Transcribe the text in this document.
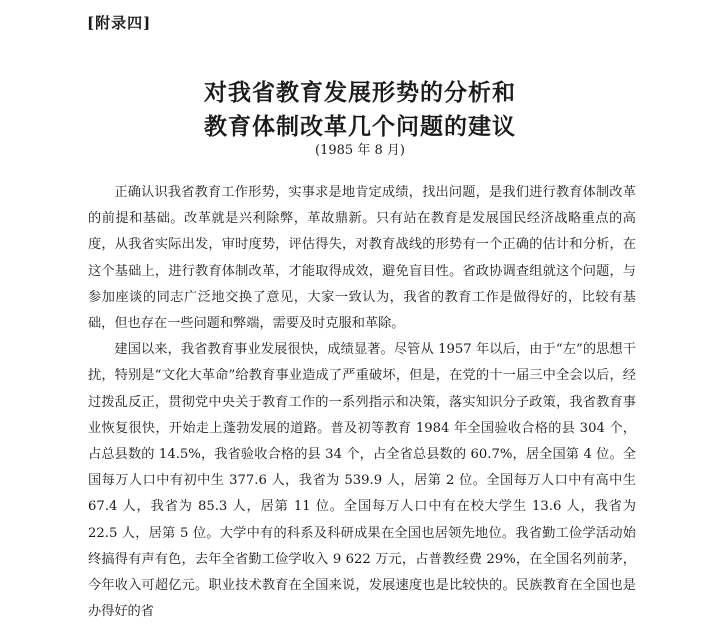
[附录四]
对我省教育发展形势的分析和
教育体制改革几个问题的建议
(1985 年 8 月)

正确认识我省教育工作形势，实事求是地肯定成绩，找出问题，是我们进行教育体制改革的前提和基础。改革就是兴利除弊，革故鼎新。只有站在教育是发展国民经济战略重点的高度，从我省实际出发，审时度势，评估得失，对教育战线的形势有一个正确的估计和分析，在这个基础上，进行教育体制改革，才能取得成效，避免盲目性。省政协调查组就这个问题，与参加座谈的同志广泛地交换了意见，大家一致认为，我省的教育工作是做得好的，比较有基础，但也存在一些问题和弊端，需要及时克服和革除。

建国以来，我省教育事业发展很快，成绩显著。尽管从 1957 年以后，由于“左”的思想干扰，特别是“文化大革命”给教育事业造成了严重破坏，但是，在党的十一届三中全会以后，经过拨乱反正，贯彻党中央关于教育工作的一系列指示和决策，落实知识分子政策，我省教育事业恢复很快，开始走上蓬勃发展的道路。普及初等教育 1984 年全国验收合格的县 304 个，占总县数的 14.5%，我省验收合格的县 34 个，占全省总县数的 60.7%，居全国第 4 位。全国每万人口中有初中生 377.6 人，我省为 539.9 人，居第 2 位。全国每万人口中有高中生 67.4 人，我省为 85.3 人，居第 11 位。全国每万人口中有在校大学生 13.6 人，我省为 22.5 人，居第 5 位。大学中有的科系及科研成果在全国也居领先地位。我省勤工俭学活动始终搞得有声有色，去年全省勤工俭学收入 9 622 万元，占普教经费 29%，在全国名列前茅，今年收入可超亿元。职业技术教育在全国来说，发展速度也是比较快的。民族教育在全国也是办得好的省
